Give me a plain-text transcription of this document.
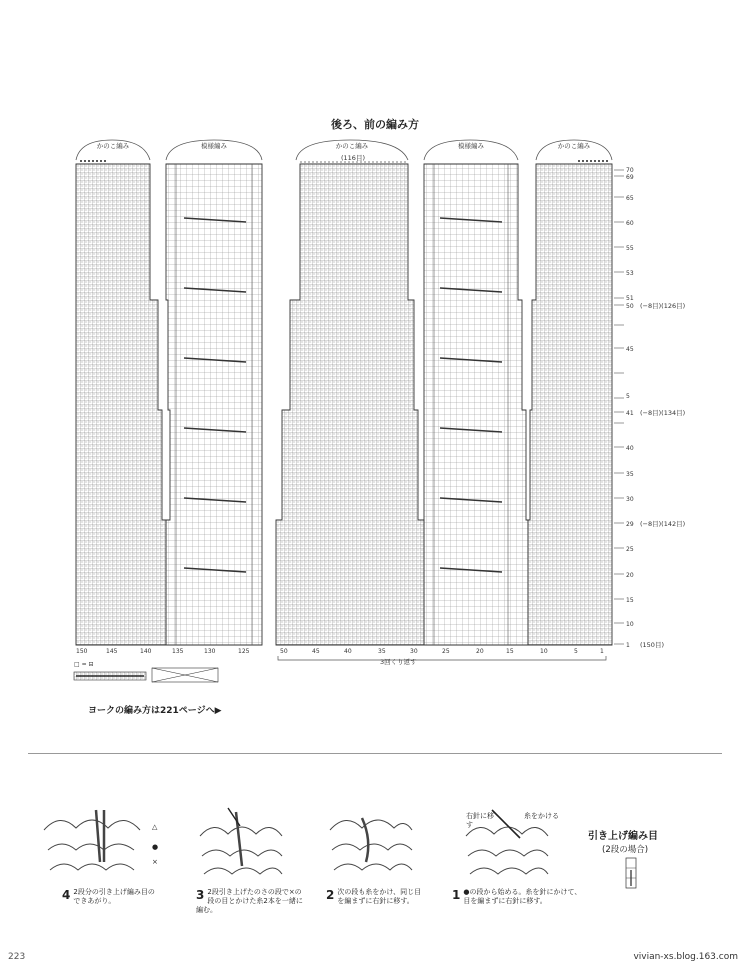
後ろ、前の編み方
かのこ編み	模様編み	かのこ編み	模様編み	かのこ編み
(116目)
150	145	140	135	130	125	50	45	40	35	30	25	20	15	10	5	1
3回くり返す
70
69
65
60
55
53
51
50
45
41
40
35
30
29
25
20
15
10
5
1
(−8目)(126目)
(−8目)(134目)
(−8目)(142目)
(150目)
□ = ⊟
ヨークの編み方は221ページへ▶
△
●
×
右針に移す
糸をかける
4 2段分の引き上げ編み目のできあがり。	3 2段引き上げたのさの段で×の段の目とかけた糸2本を一緒に編む。
2 次の段も糸をかけ、同じ目を編まずに右針に移す。	1 ●の段から始める。糸を針にかけて、目を編まずに右針に移す。
引き上げ編み目
(2段の場合)
223	vivian-xs.blog.163.com
